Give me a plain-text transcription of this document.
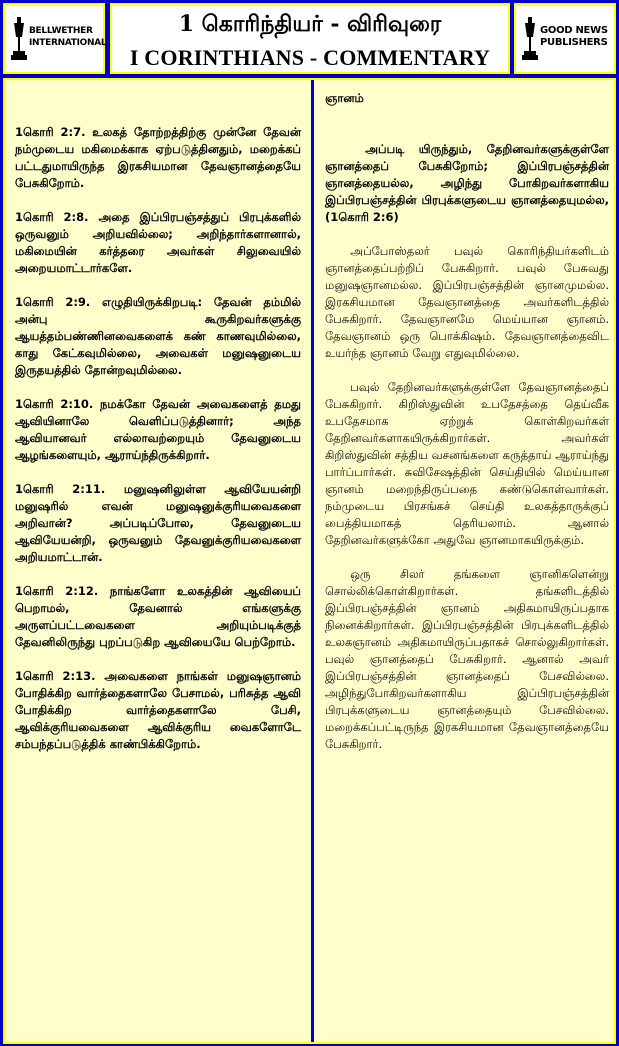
BELLWETHER
INTERNATIONAL
1 கொரிந்தியர் - விரிவுரை
I CORINTHIANS - COMMENTARY
GOOD NEWS
PUBLISHERS

1கொரி 2:7. உலகத் தோற்றத்திற்கு முன்னே தேவன் நம்முடைய மகிமைக்காக ஏற்படுத்தினதும், மறைக்கப் பட்டதுமாயிருந்த இரகசியமான தேவஞானத்தையே பேசுகிறோம்.

1கொரி 2:8. அதை இப்பிரபஞ்சத்துப் பிரபுக்களில் ஒருவனும் அறியவில்லை; அறிந்தார்களானால், மகிமையின் கர்த்தரை அவர்கள் சிலுவையில் அறையமாட்டார்களே.

1கொரி 2:9. எழுதியிருக்கிறபடி: தேவன் தம்மில் அன்பு கூருகிறவர்களுக்கு ஆயத்தம்பண்ணினவைகளைக் கண் காணவுமில்லை, காது கேட்கவுமில்லை, அவைகள் மனுஷனுடைய இருதயத்தில் தோன்றவுமில்லை.

1கொரி 2:10. நமக்கோ தேவன் அவைகளைத் தமது ஆவியினாலே வெளிப்படுத்தினார்; அந்த ஆவியானவர் எல்லாவற்றையும் தேவனுடைய ஆழங்களையும், ஆராய்ந்திருக்கிறார்.

1கொரி 2:11. மனுஷனிலுள்ள ஆவியேயன்றி மனுஷரில் எவன் மனுஷனுக்குரியவைகளை அறிவான்? அப்படிப்போல, தேவனுடைய ஆவியேயன்றி, ஒருவனும் தேவனுக்குரியவைகளை அறியமாட்டான்.

1கொரி 2:12. நாங்களோ உலகத்தின் ஆவியைப் பெறாமல், தேவனால் எங்களுக்கு அருளப்பட்டவைகளை அறியும்படிக்குத் தேவனிலிருந்து புறப்படுகிற ஆவியையே பெற்றோம்.

1கொரி 2:13. அவைகளை நாங்கள் மனுஷஞானம் போதிக்கிற வார்த்தைகளாலே பேசாமல், பரிசுத்த ஆவி போதிக்கிற வார்த்தைகளாலே பேசி, ஆவிக்குரியவைகளை ஆவிக்குரிய வைகளோடே சம்பந்தப்படுத்திக் காண்பிக்கிறோம்.

ஞானம்

அப்படி யிருந்தும், தேறினவர்களுக்குள்ளே ஞானத்தைப் பேசுகிறோம்; இப்பிரபஞ்சத்தின் ஞானத்தையல்ல, அழிந்து போகிறவர்களாகிய இப்பிரபஞ்சத்தின் பிரபுக்களுடைய ஞானத்தையுமல்ல, (1கொரி 2:6)

அப்போஸ்தலர் பவுல் கொரிந்தியர்களிடம் ஞானத்தைப்பற்றிப் பேசுகிறார். பவுல் பேசுவது மனுஷஞானமல்ல. இப்பிரபஞ்சத்தின் ஞானமுமல்ல. இரகசியமான தேவஞானத்தை அவர்களிடத்தில் பேசுகிறார். தேவஞானமே மெய்யான ஞானம். தேவஞானம் ஒரு பொக்கிஷம். தேவஞானத்தைவிட உயர்ந்த ஞானம் வேறு எதுவுமில்லை.

பவுல் தேறினவர்களுக்குள்ளே தேவஞானத்தைப் பேசுகிறார். கிறிஸ்துவின் உபதேசத்தை தெய்வீக உபதேசமாக ஏற்றுக் கொள்கிறவர்கள் தேறினவர்களாகயிருக்கிறார்கள். அவர்கள் கிறிஸ்துவின் சத்திய வசனங்களை கருத்தாய் ஆராய்ந்து பார்ப்பார்கள். சுவிசேஷத்தின் செய்தியில் மெய்யான ஞானம் மறைந்திருப்பதை கண்டுகொள்வார்கள். நம்முடைய பிரசங்கச் செய்தி உலகத்தாருக்குப் பைத்தியமாகத் தெரியலாம். ஆனால் தேறினவர்களுக்கோ அதுவே ஞானமாகயிருக்கும்.

ஒரு சிலர் தங்களை ஞானிகளென்று சொல்லிக்கொள்கிறார்கள். தங்களிடத்தில் இப்பிரபஞ்சத்தின் ஞானம் அதிகமாயிருப்பதாக நினைக்கிறார்கள். இப்பிரபஞ்சத்தின் பிரபுக்களிடத்தில் உலகஞானம் அதிகமாயிருப்பதாகச் சொல்லுகிறார்கள். பவுல் ஞானத்தைப் பேசுகிறார். ஆனால் அவர் இப்பிரபஞ்சத்தின் ஞானத்தைப் பேசவில்லை. அழிந்துபோகிறவர்களாகிய இப்பிரபஞ்சத்தின் பிரபுக்களுடைய ஞானத்தையும் பேசவில்லை. மறைக்கப்பட்டிருந்த இரகசியமான தேவஞானத்தையே பேசுகிறார்.
